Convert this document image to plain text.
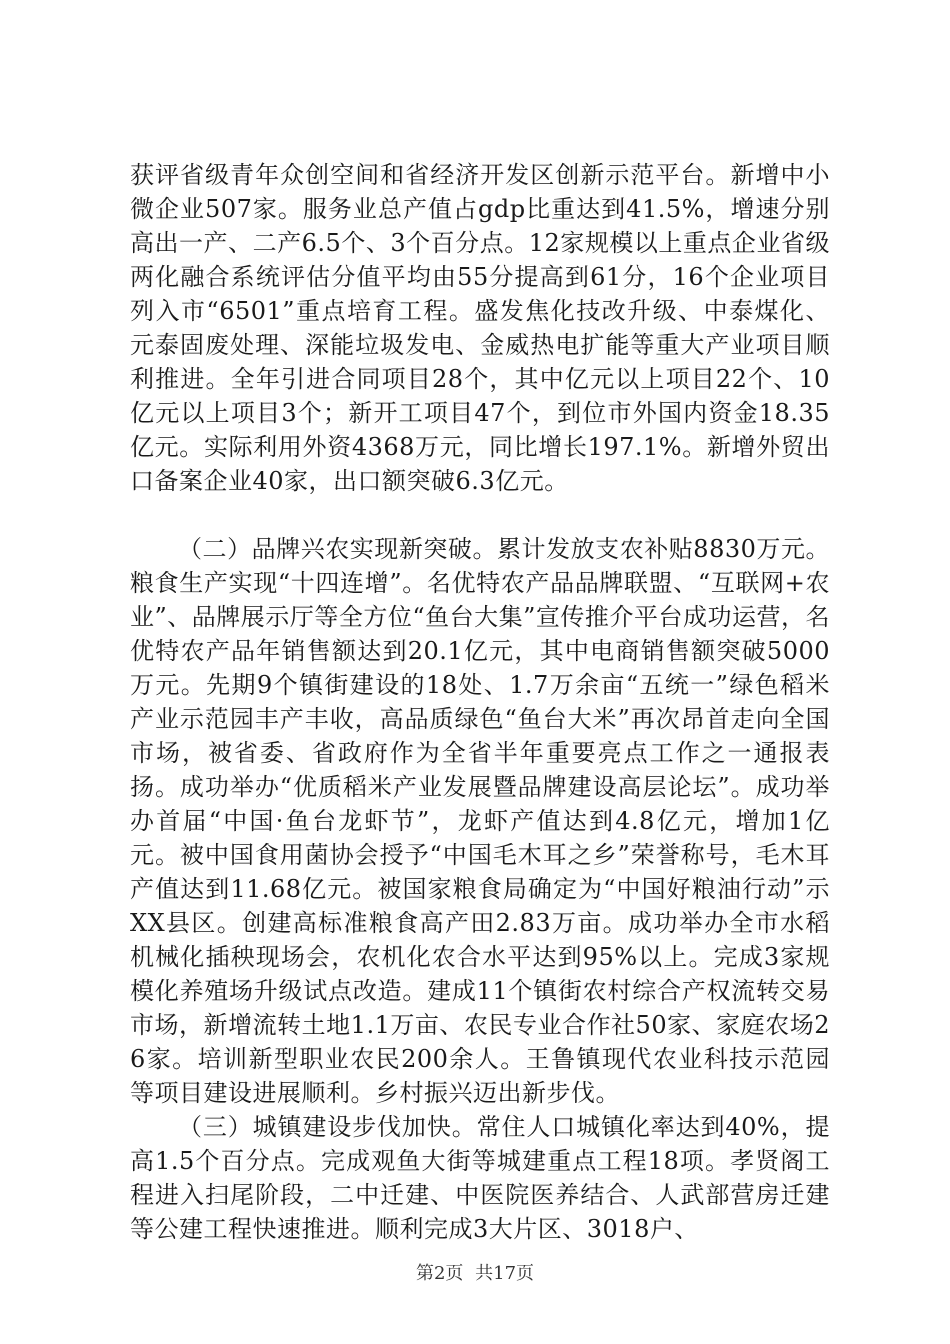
获评省级青年众创空间和省经济开发区创新示范平台。新增中小微企业507家。服务业总产值占gdp比重达到41.5%，增速分别高出一产、二产6.5个、3个百分点。12家规模以上重点企业省级两化融合系统评估分值平均由55分提高到61分，16个企业项目列入市“6501”重点培育工程。盛发焦化技改升级、中泰煤化、元泰固废处理、深能垃圾发电、金威热电扩能等重大产业项目顺利推进。全年引进合同项目28个，其中亿元以上项目22个、10亿元以上项目3个；新开工项目47个，到位市外国内资金18.35亿元。实际利用外资4368万元，同比增长197.1%。新增外贸出口备案企业40家，出口额突破6.3亿元。

（二）品牌兴农实现新突破。累计发放支农补贴8830万元。粮食生产实现“十四连增”。名优特农产品品牌联盟、“互联网+农业”、品牌展示厅等全方位“鱼台大集”宣传推介平台成功运营，名优特农产品年销售额达到20.1亿元，其中电商销售额突破5000万元。先期9个镇街建设的18处、1.7万余亩“五统一”绿色稻米产业示范园丰产丰收，高品质绿色“鱼台大米”再次昂首走向全国市场，被省委、省政府作为全省半年重要亮点工作之一通报表扬。成功举办“优质稻米产业发展暨品牌建设高层论坛”。成功举办首届“中国·鱼台龙虾节”，龙虾产值达到4.8亿元，增加1亿元。被中国食用菌协会授予“中国毛木耳之乡”荣誉称号，毛木耳产值达到11.68亿元。被国家粮食局确定为“中国好粮油行动”示XX县区。创建高标准粮食高产田2.83万亩。成功举办全市水稻机械化插秧现场会，农机化农合水平达到95%以上。完成3家规模化养殖场升级试点改造。建成11个镇街农村综合产权流转交易市场，新增流转土地1.1万亩、农民专业合作社50家、家庭农场26家。培训新型职业农民200余人。王鲁镇现代农业科技示范园等项目建设进展顺利。乡村振兴迈出新步伐。

（三）城镇建设步伐加快。常住人口城镇化率达到40%，提高1.5个百分点。完成观鱼大街等城建重点工程18项。孝贤阁工程进入扫尾阶段，二中迁建、中医院医养结合、人武部营房迁建等公建工程快速推进。顺利完成3大片区、3018户、

第2页 共17页
